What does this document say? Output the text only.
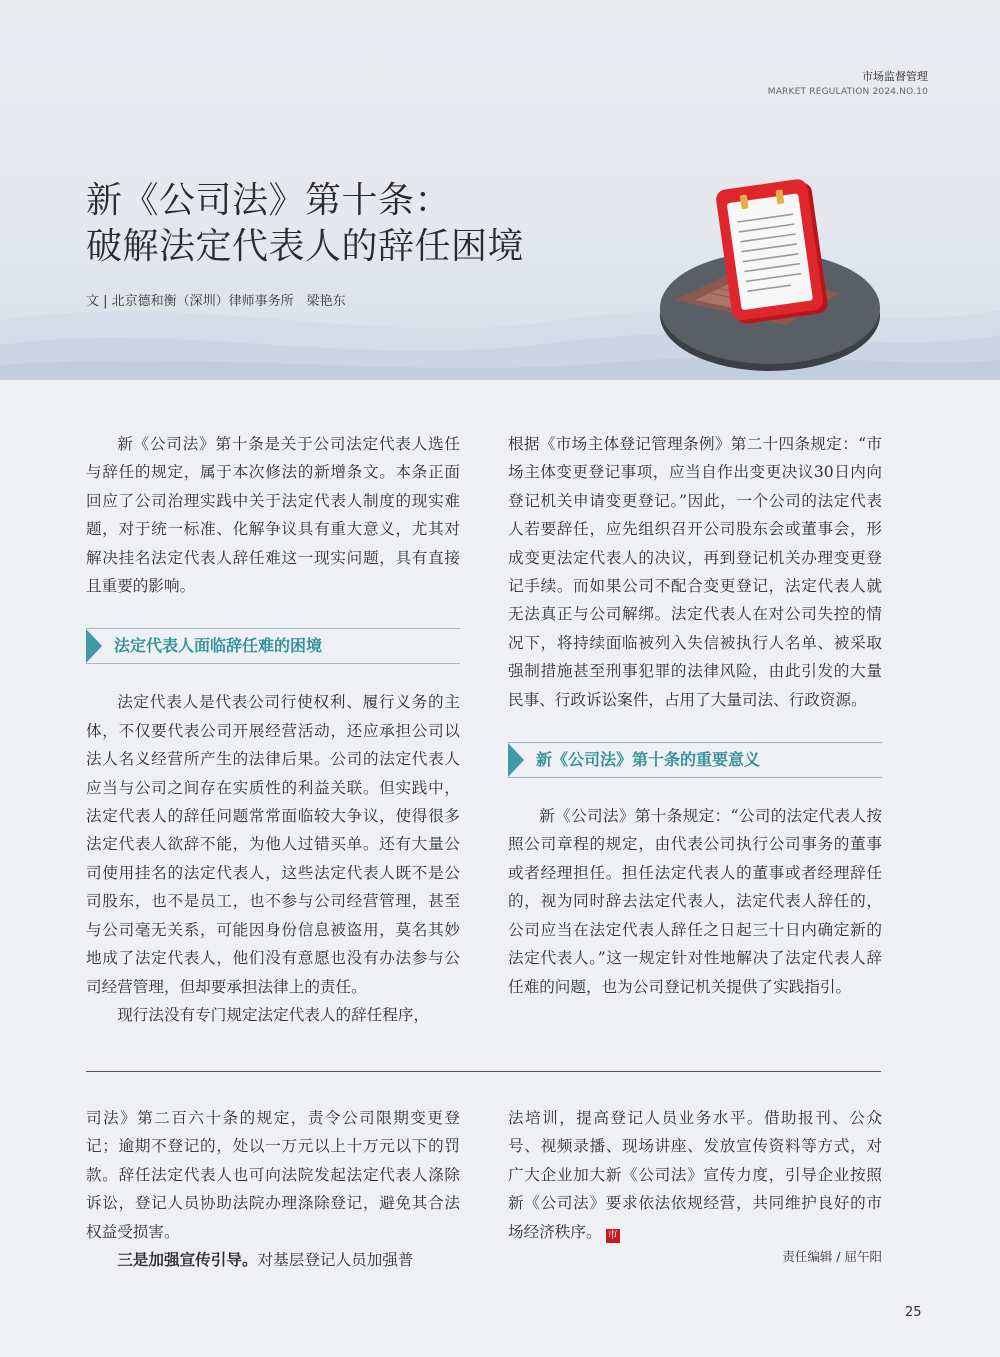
市场监督管理
MARKET REGULATION 2024.NO.10
新《公司法》第十条：
破解法定代表人的辞任困境
文 | 北京德和衡（深圳）律师事务所　梁艳东

新《公司法》第十条是关于公司法定代表人选任与辞任的规定，属于本次修法的新增条文。本条正面回应了公司治理实践中关于法定代表人制度的现实难题，对于统一标准、化解争议具有重大意义，尤其对解决挂名法定代表人辞任难这一现实问题，具有直接且重要的影响。

法定代表人面临辞任难的困境

法定代表人是代表公司行使权利、履行义务的主体，不仅要代表公司开展经营活动，还应承担公司以法人名义经营所产生的法律后果。公司的法定代表人应当与公司之间存在实质性的利益关联。但实践中，法定代表人的辞任问题常常面临较大争议，使得很多法定代表人欲辞不能，为他人过错买单。还有大量公司使用挂名的法定代表人，这些法定代表人既不是公司股东，也不是员工，也不参与公司经营管理，甚至与公司毫无关系，可能因身份信息被盗用，莫名其妙地成了法定代表人，他们没有意愿也没有办法参与公司经营管理，但却要承担法律上的责任。

现行法没有专门规定法定代表人的辞任程序，

根据《市场主体登记管理条例》第二十四条规定：“市场主体变更登记事项，应当自作出变更决议30日内向登记机关申请变更登记。”因此，一个公司的法定代表人若要辞任，应先组织召开公司股东会或董事会，形成变更法定代表人的决议，再到登记机关办理变更登记手续。而如果公司不配合变更登记，法定代表人就无法真正与公司解绑。法定代表人在对公司失控的情况下，将持续面临被列入失信被执行人名单、被采取强制措施甚至刑事犯罪的法律风险，由此引发的大量民事、行政诉讼案件，占用了大量司法、行政资源。

新《公司法》第十条的重要意义

新《公司法》第十条规定：“公司的法定代表人按照公司章程的规定，由代表公司执行公司事务的董事或者经理担任。担任法定代表人的董事或者经理辞任的，视为同时辞去法定代表人，法定代表人辞任的，公司应当在法定代表人辞任之日起三十日内确定新的法定代表人。”这一规定针对性地解决了法定代表人辞任难的问题，也为公司登记机关提供了实践指引。

司法》第二百六十条的规定，责令公司限期变更登记；逾期不登记的，处以一万元以上十万元以下的罚款。辞任法定代表人也可向法院发起法定代表人涤除诉讼，登记人员协助法院办理涤除登记，避免其合法权益受损害。

三是加强宣传引导。对基层登记人员加强普

法培训，提高登记人员业务水平。借助报刊、公众号、视频录播、现场讲座、发放宣传资料等方式，对广大企业加大新《公司法》宣传力度，引导企业按照新《公司法》要求依法依规经营，共同维护良好的市场经济秩序。 市

责任编辑 / 屈午阳
25
